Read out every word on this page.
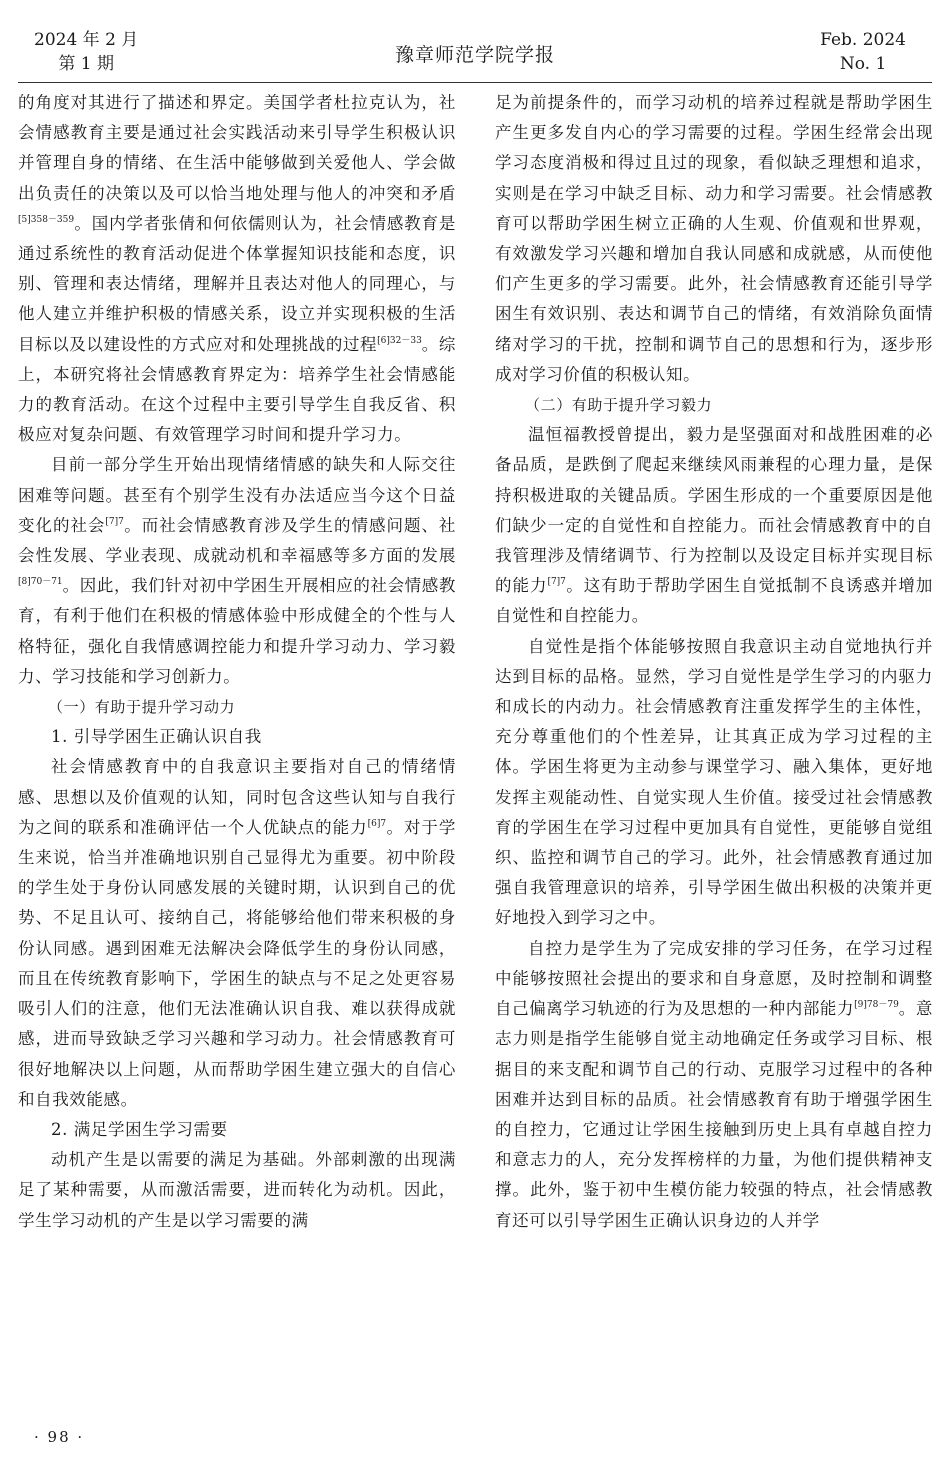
2024 年 2 月
第 1 期	豫章师范学院学报
Feb. 2024
No. 1

的角度对其进行了描述和界定。美国学者杜拉克认为，社会情感教育主要是通过社会实践活动来引导学生积极认识并管理自身的情绪、在生活中能够做到关爱他人、学会做出负责任的决策以及可以恰当地处理与他人的冲突和矛盾$^{[5]358-359}$。国内学者张倩和何依儒则认为，社会情感教育是通过系统性的教育活动促进个体掌握知识技能和态度，识别、管理和表达情绪，理解并且表达对他人的同理心，与他人建立并维护积极的情感关系，设立并实现积极的生活目标以及以建设性的方式应对和处理挑战的过程$^{[6]32-33}$。综上，本研究将社会情感教育界定为：培养学生社会情感能力的教育活动。在这个过程中主要引导学生自我反省、积极应对复杂问题、有效管理学习时间和提升学习力。

目前一部分学生开始出现情绪情感的缺失和人际交往困难等问题。甚至有个别学生没有办法适应当今这个日益变化的社会$^{[7]7}$。而社会情感教育涉及学生的情感问题、社会性发展、学业表现、成就动机和幸福感等多方面的发展$^{[8]70-71}$。因此，我们针对初中学困生开展相应的社会情感教育，有利于他们在积极的情感体验中形成健全的个性与人格特征，强化自我情感调控能力和提升学习动力、学习毅力、学习技能和学习创新力。

（一）有助于提升学习动力

1. 引导学困生正确认识自我

社会情感教育中的自我意识主要指对自己的情绪情感、思想以及价值观的认知，同时包含这些认知与自我行为之间的联系和准确评估一个人优缺点的能力$^{[6]7}$。对于学生来说，恰当并准确地识别自己显得尤为重要。初中阶段的学生处于身份认同感发展的关键时期，认识到自己的优势、不足且认可、接纳自己，将能够给他们带来积极的身份认同感。遇到困难无法解决会降低学生的身份认同感，而且在传统教育影响下，学困生的缺点与不足之处更容易吸引人们的注意，他们无法准确认识自我、难以获得成就感，进而导致缺乏学习兴趣和学习动力。社会情感教育可很好地解决以上问题，从而帮助学困生建立强大的自信心和自我效能感。

2. 满足学困生学习需要

动机产生是以需要的满足为基础。外部刺激的出现满足了某种需要，从而激活需要，进而转化为动机。因此，学生学习动机的产生是以学习需要的满

足为前提条件的，而学习动机的培养过程就是帮助学困生产生更多发自内心的学习需要的过程。学困生经常会出现学习态度消极和得过且过的现象，看似缺乏理想和追求，实则是在学习中缺乏目标、动力和学习需要。社会情感教育可以帮助学困生树立正确的人生观、价值观和世界观，有效激发学习兴趣和增加自我认同感和成就感，从而使他们产生更多的学习需要。此外，社会情感教育还能引导学困生有效识别、表达和调节自己的情绪，有效消除负面情绪对学习的干扰，控制和调节自己的思想和行为，逐步形成对学习价值的积极认知。

（二）有助于提升学习毅力

温恒福教授曾提出，毅力是坚强面对和战胜困难的必备品质，是跌倒了爬起来继续风雨兼程的心理力量，是保持积极进取的关键品质。学困生形成的一个重要原因是他们缺少一定的自觉性和自控能力。而社会情感教育中的自我管理涉及情绪调节、行为控制以及设定目标并实现目标的能力$^{[7]7}$。这有助于帮助学困生自觉抵制不良诱惑并增加自觉性和自控能力。

自觉性是指个体能够按照自我意识主动自觉地执行并达到目标的品格。显然，学习自觉性是学生学习的内驱力和成长的内动力。社会情感教育注重发挥学生的主体性，充分尊重他们的个性差异，让其真正成为学习过程的主体。学困生将更为主动参与课堂学习、融入集体，更好地发挥主观能动性、自觉实现人生价值。接受过社会情感教育的学困生在学习过程中更加具有自觉性，更能够自觉组织、监控和调节自己的学习。此外，社会情感教育通过加强自我管理意识的培养，引导学困生做出积极的决策并更好地投入到学习之中。

自控力是学生为了完成安排的学习任务，在学习过程中能够按照社会提出的要求和自身意愿，及时控制和调整自己偏离学习轨迹的行为及思想的一种内部能力$^{[9]78-79}$。意志力则是指学生能够自觉主动地确定任务或学习目标、根据目的来支配和调节自己的行动、克服学习过程中的各种困难并达到目标的品质。社会情感教育有助于增强学困生的自控力，它通过让学困生接触到历史上具有卓越自控力和意志力的人，充分发挥榜样的力量，为他们提供精神支撑。此外，鉴于初中生模仿能力较强的特点，社会情感教育还可以引导学困生正确认识身边的人并学

· 98 ·
